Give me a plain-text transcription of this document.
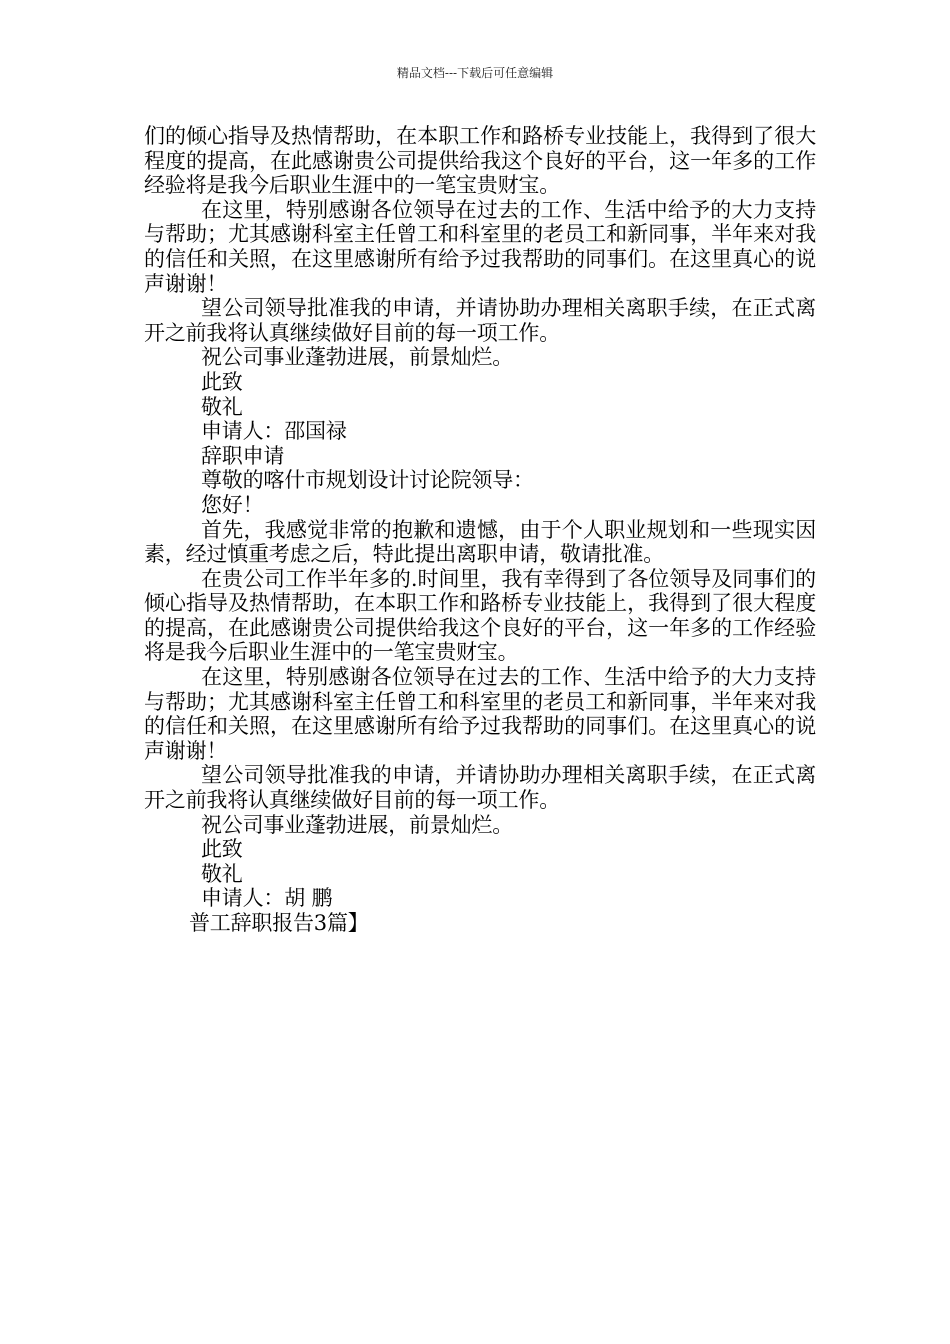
精品文档---下载后可任意编辑

们的倾心指导及热情帮助，在本职工作和路桥专业技能上，我得到了很大程度的提高，在此感谢贵公司提供给我这个良好的平台，这一年多的工作经验将是我今后职业生涯中的一笔宝贵财宝。

在这里，特别感谢各位领导在过去的工作、生活中给予的大力支持与帮助；尤其感谢科室主任曾工和科室里的老员工和新同事，半年来对我的信任和关照，在这里感谢所有给予过我帮助的同事们。在这里真心的说声谢谢！

望公司领导批准我的申请，并请协助办理相关离职手续，在正式离开之前我将认真继续做好目前的每一项工作。

祝公司事业蓬勃进展，前景灿烂。

此致

敬礼

申请人：邵国禄

辞职申请

尊敬的喀什市规划设计讨论院领导：

您好！

首先，我感觉非常的抱歉和遗憾，由于个人职业规划和一些现实因素，经过慎重考虑之后，特此提出离职申请，敬请批准。

在贵公司工作半年多的.时间里，我有幸得到了各位领导及同事们的倾心指导及热情帮助，在本职工作和路桥专业技能上，我得到了很大程度的提高，在此感谢贵公司提供给我这个良好的平台，这一年多的工作经验将是我今后职业生涯中的一笔宝贵财宝。

在这里，特别感谢各位领导在过去的工作、生活中给予的大力支持与帮助；尤其感谢科室主任曾工和科室里的老员工和新同事，半年来对我的信任和关照，在这里感谢所有给予过我帮助的同事们。在这里真心的说声谢谢！

望公司领导批准我的申请，并请协助办理相关离职手续，在正式离开之前我将认真继续做好目前的每一项工作。

祝公司事业蓬勃进展，前景灿烂。

此致

敬礼

申请人：胡 鹏

普工辞职报告3篇】
